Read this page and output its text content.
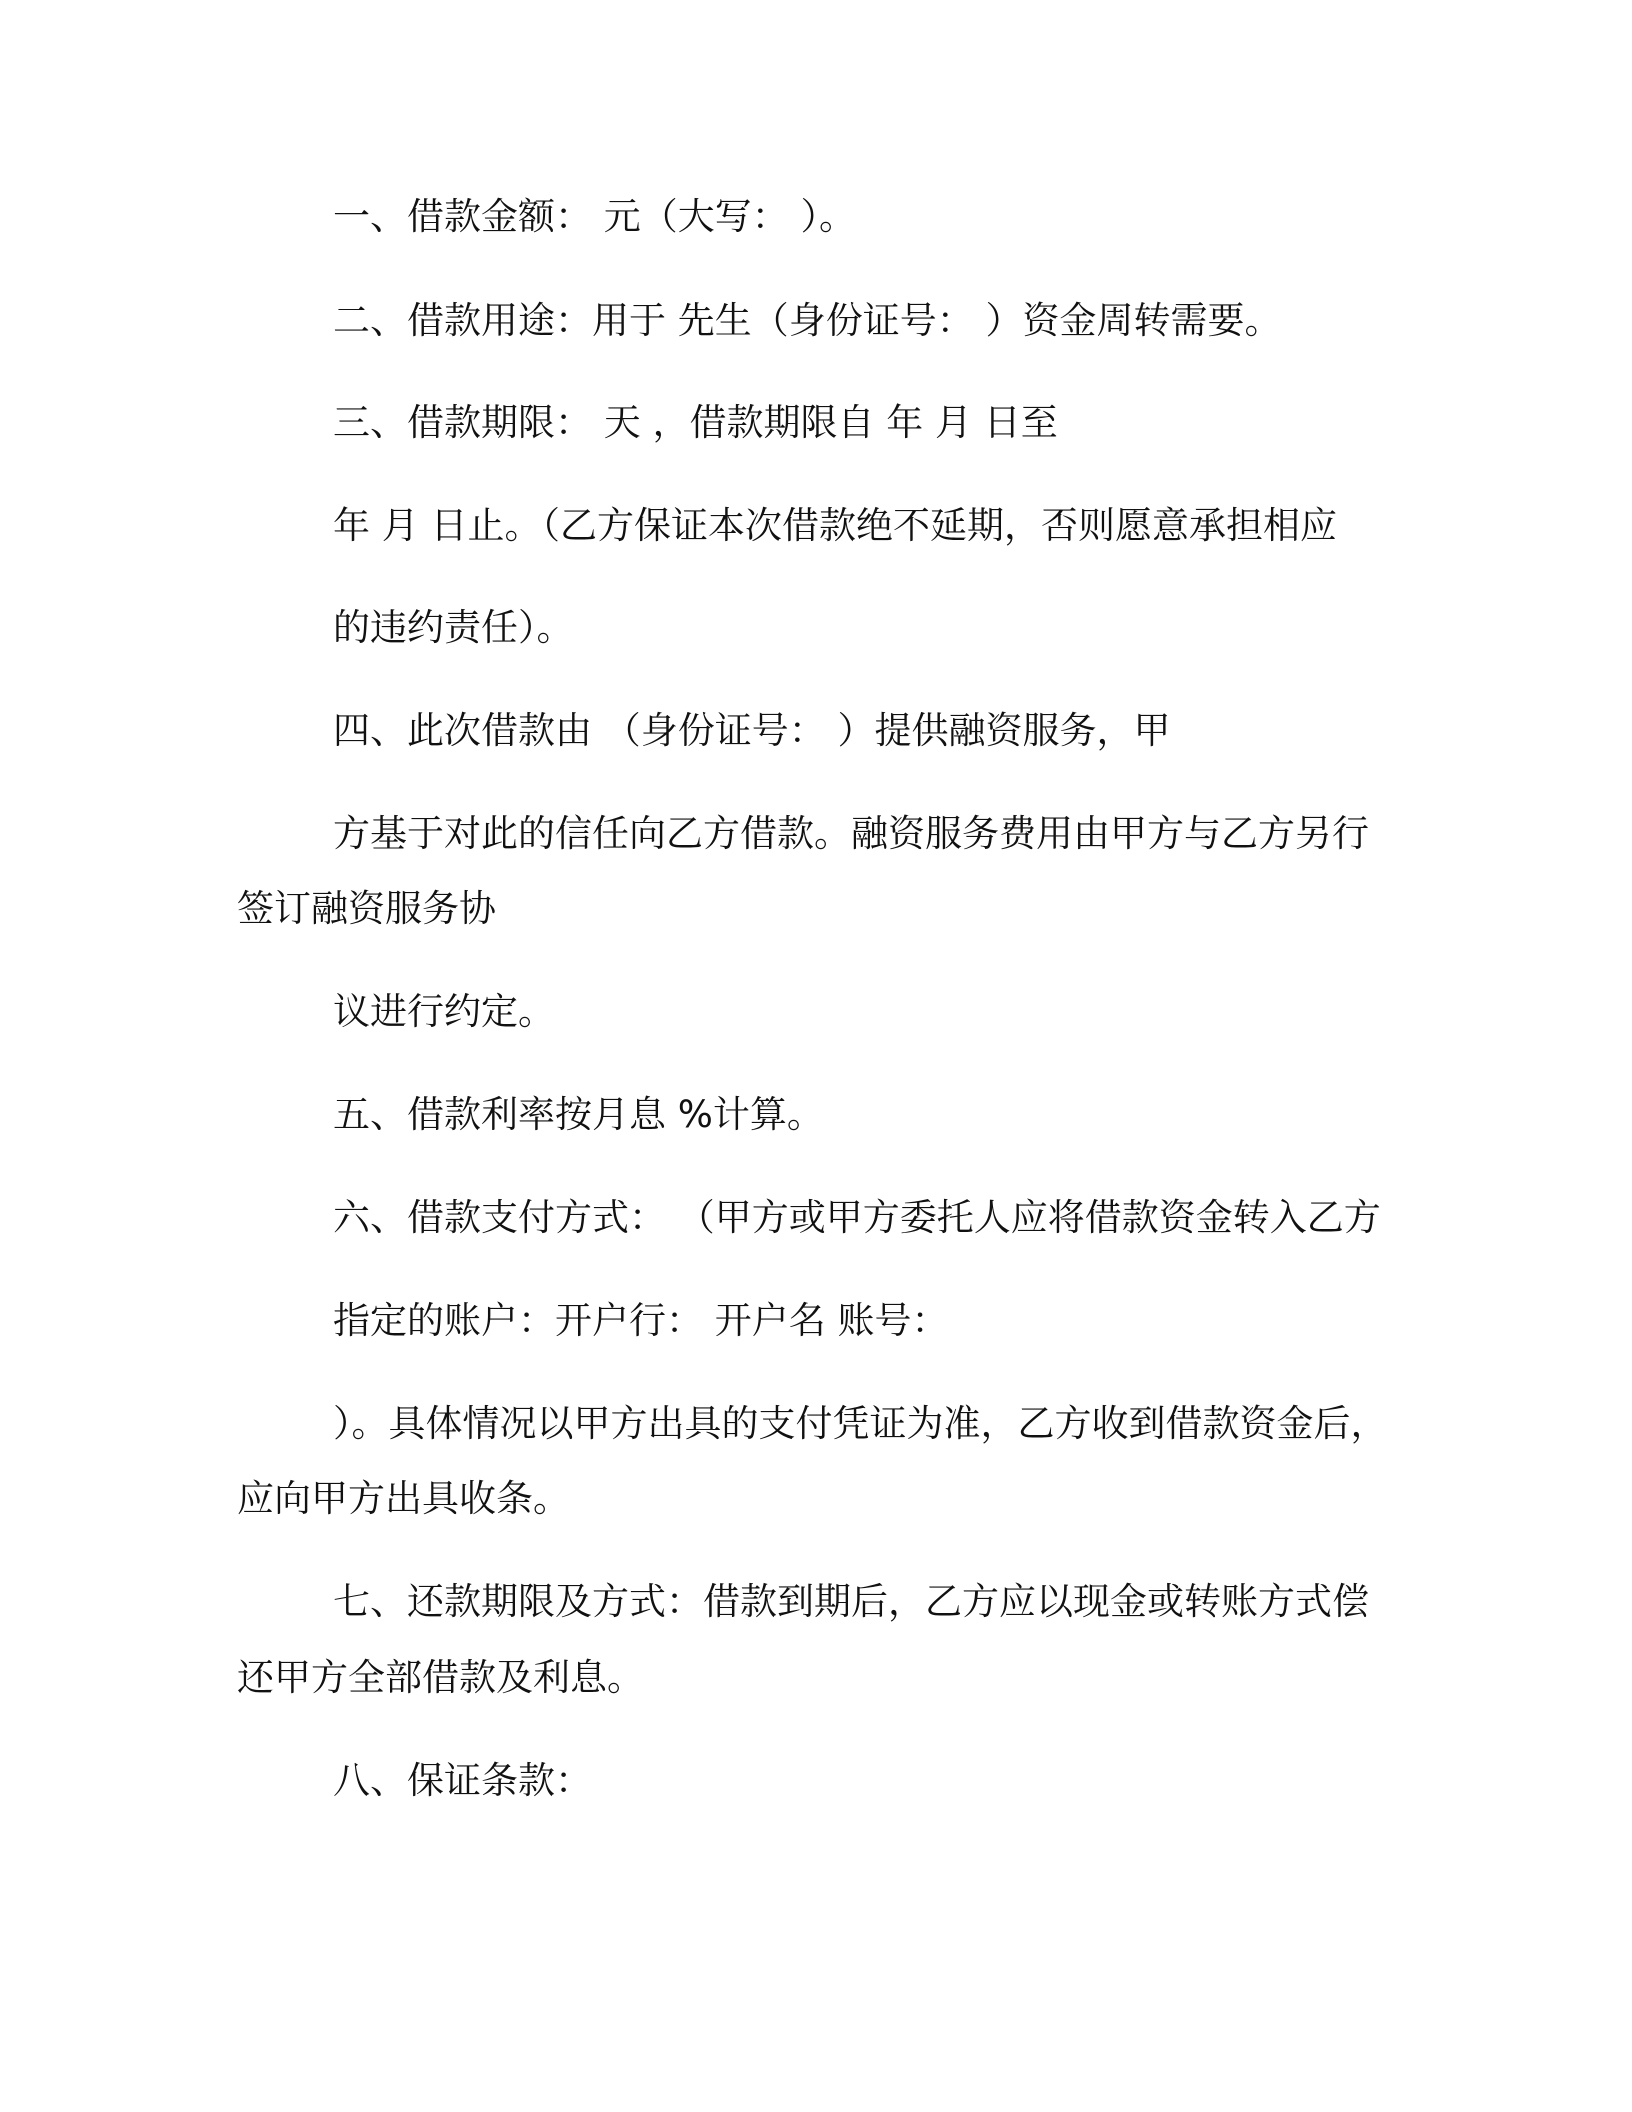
一、借款金额： 元（大写： ）。
二、借款用途：用于 先生（身份证号： ）资金周转需要。
三、借款期限： 天 ，借款期限自 年 月 日至
年 月 日止。（乙方保证本次借款绝不延期，否则愿意承担相应
的违约责任）。
四、此次借款由 （身份证号： ）提供融资服务，甲
方基于对此的信任向乙方借款。融资服务费用由甲方与乙方另行
签订融资服务协
议进行约定。
五、借款利率按月息 %计算。
六、借款支付方式： （甲方或甲方委托人应将借款资金转入乙方
指定的账户：开户行： 开户名 账号：
）。具体情况以甲方出具的支付凭证为准，乙方收到借款资金后，
应向甲方出具收条。
七、还款期限及方式：借款到期后，乙方应以现金或转账方式偿
还甲方全部借款及利息。
八、保证条款：
